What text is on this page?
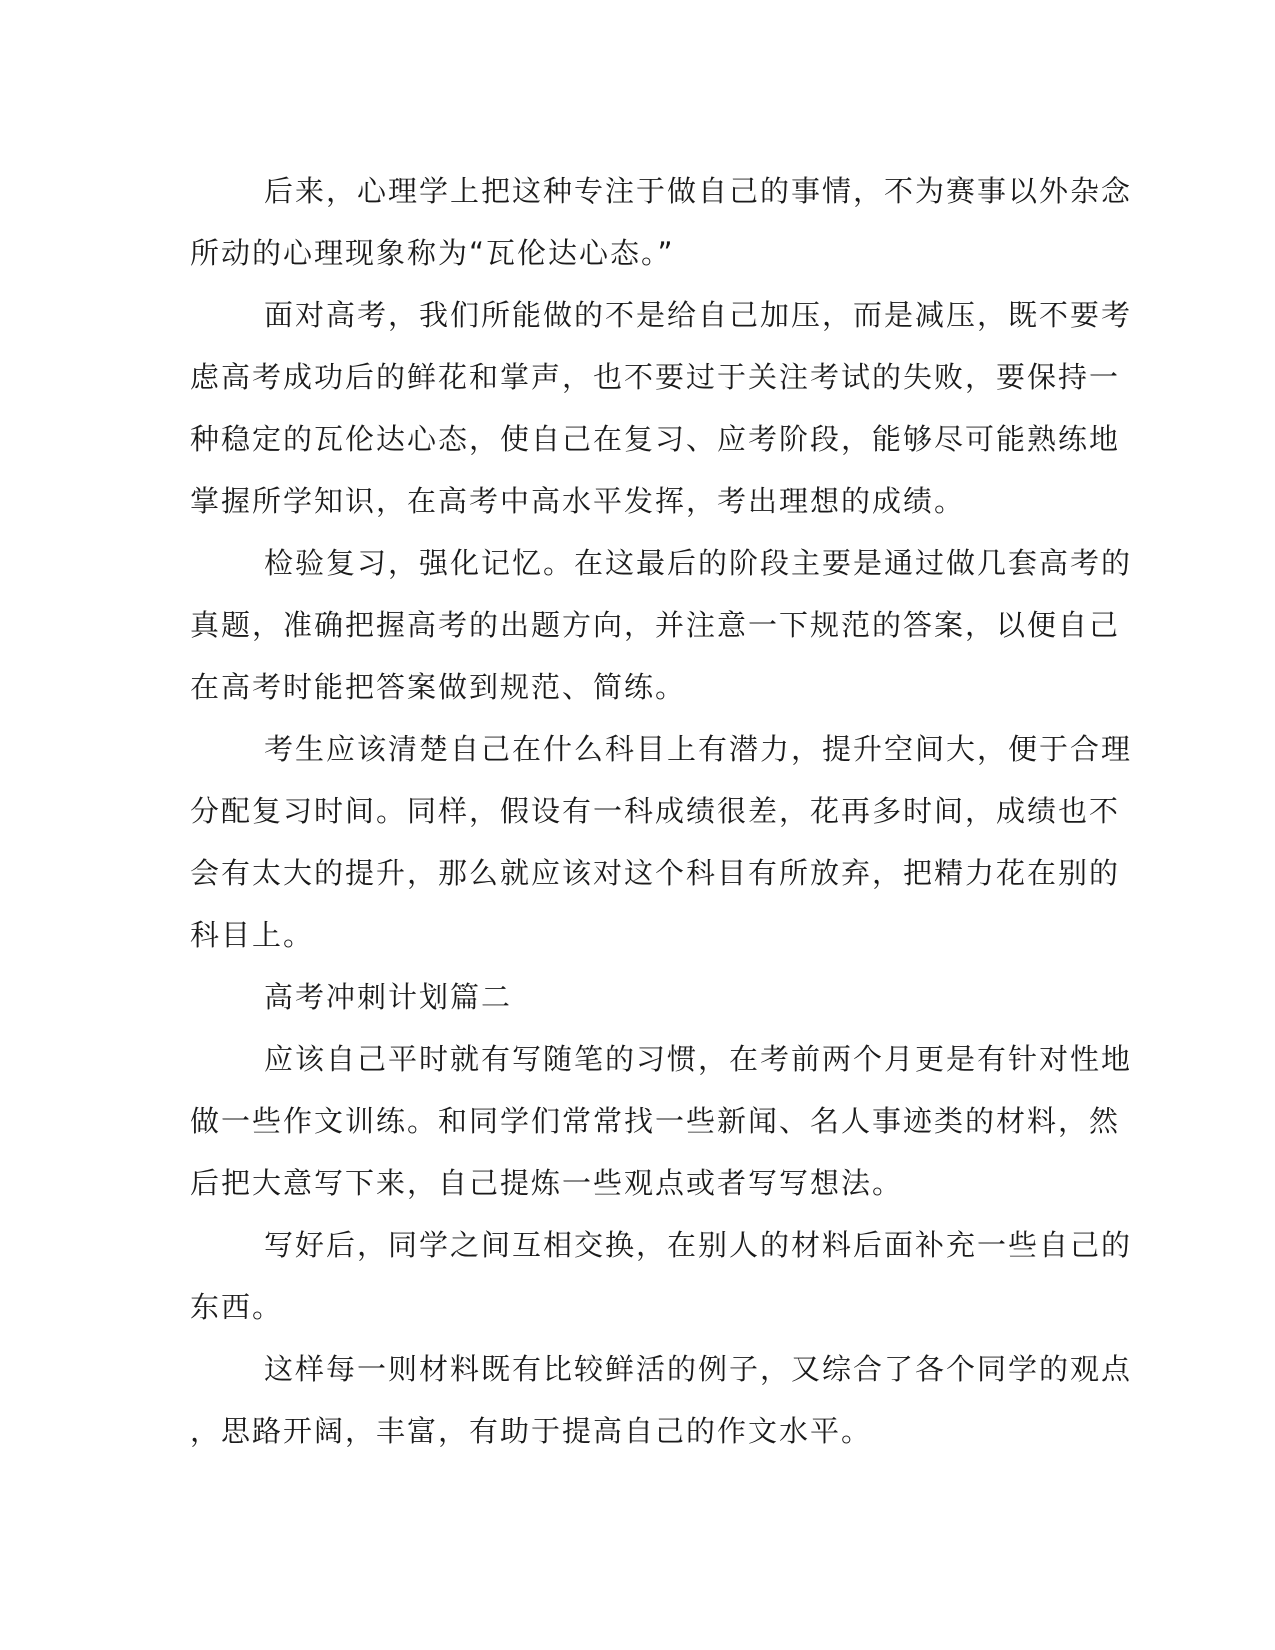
后来，心理学上把这种专注于做自己的事情，不为赛事以外杂念
所动的心理现象称为“瓦伦达心态。”
面对高考，我们所能做的不是给自己加压，而是减压，既不要考
虑高考成功后的鲜花和掌声，也不要过于关注考试的失败，要保持一
种稳定的瓦伦达心态，使自己在复习、应考阶段，能够尽可能熟练地
掌握所学知识，在高考中高水平发挥，考出理想的成绩。
检验复习，强化记忆。在这最后的阶段主要是通过做几套高考的
真题，准确把握高考的出题方向，并注意一下规范的答案，以便自己
在高考时能把答案做到规范、简练。
考生应该清楚自己在什么科目上有潜力，提升空间大，便于合理
分配复习时间。同样，假设有一科成绩很差，花再多时间，成绩也不
会有太大的提升，那么就应该对这个科目有所放弃，把精力花在别的
科目上。
高考冲刺计划篇二
应该自己平时就有写随笔的习惯，在考前两个月更是有针对性地
做一些作文训练。和同学们常常找一些新闻、名人事迹类的材料，然
后把大意写下来，自己提炼一些观点或者写写想法。
写好后，同学之间互相交换，在别人的材料后面补充一些自己的
东西。
这样每一则材料既有比较鲜活的例子，又综合了各个同学的观点
，思路开阔，丰富，有助于提高自己的作文水平。
